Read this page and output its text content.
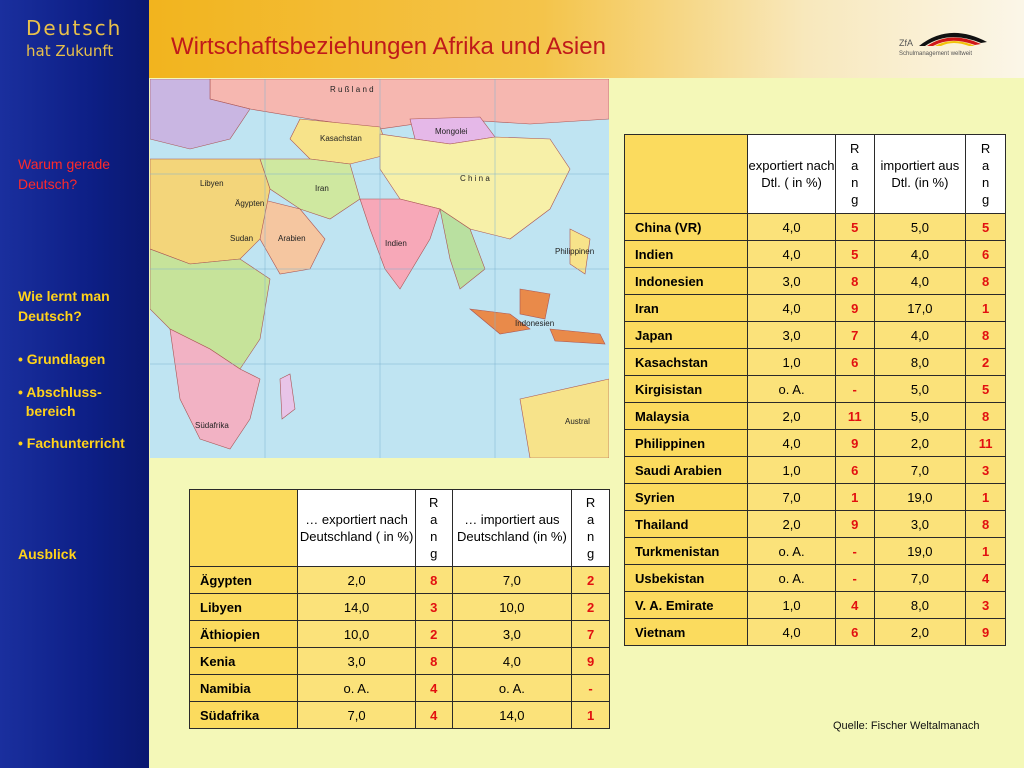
Deutsch
hat Zukunft
Warum gerade Deutsch?
Wie lernt man Deutsch?
• Grundlagen
• Abschluss-
bereich
• Fachunterricht
Ausblick
Wirtschaftsbeziehungen Afrika und Asien	ZfA
Schulmanagement weltweit
R u ß l a n d
Kasachstan
Mongolei
C h i n a
Iran
Indien
Libyen
Ägypten
Sudan	Arabien
Indonesien
Philippinen
Südafrika	Austral
	… exportiert nach Deutschland ( in %)	R a n g	… importiert aus Deutschland (in %)	R a n g
Ägypten	2,0	8	7,0	2
Libyen	14,0	3	10,0	2
Äthiopien	10,0	2	3,0	7
Kenia	3,0	8	4,0	9
Namibia	o. A.	4	o. A.	-
Südafrika	7,0	4	14,0	1
	exportiert nach Dtl. ( in %)	R a n g	importiert aus Dtl. (in %)	R a n g
China (VR)	4,0	5	5,0	5
Indien	4,0	5	4,0	6
Indonesien	3,0	8	4,0	8
Iran	4,0	9	17,0	1
Japan	3,0	7	4,0	8
Kasachstan	1,0	6	8,0	2
Kirgisistan	o. A.	-	5,0	5
Malaysia	2,0	11	5,0	8
Philippinen	4,0	9	2,0	11
Saudi Arabien	1,0	6	7,0	3
Syrien	7,0	1	19,0	1
Thailand	2,0	9	3,0	8
Turkmenistan	o. A.	-	19,0	1
Usbekistan	o. A.	-	7,0	4
V. A. Emirate	1,0	4	8,0	3
Vietnam	4,0	6	2,0	9
Quelle: Fischer Weltalmanach
